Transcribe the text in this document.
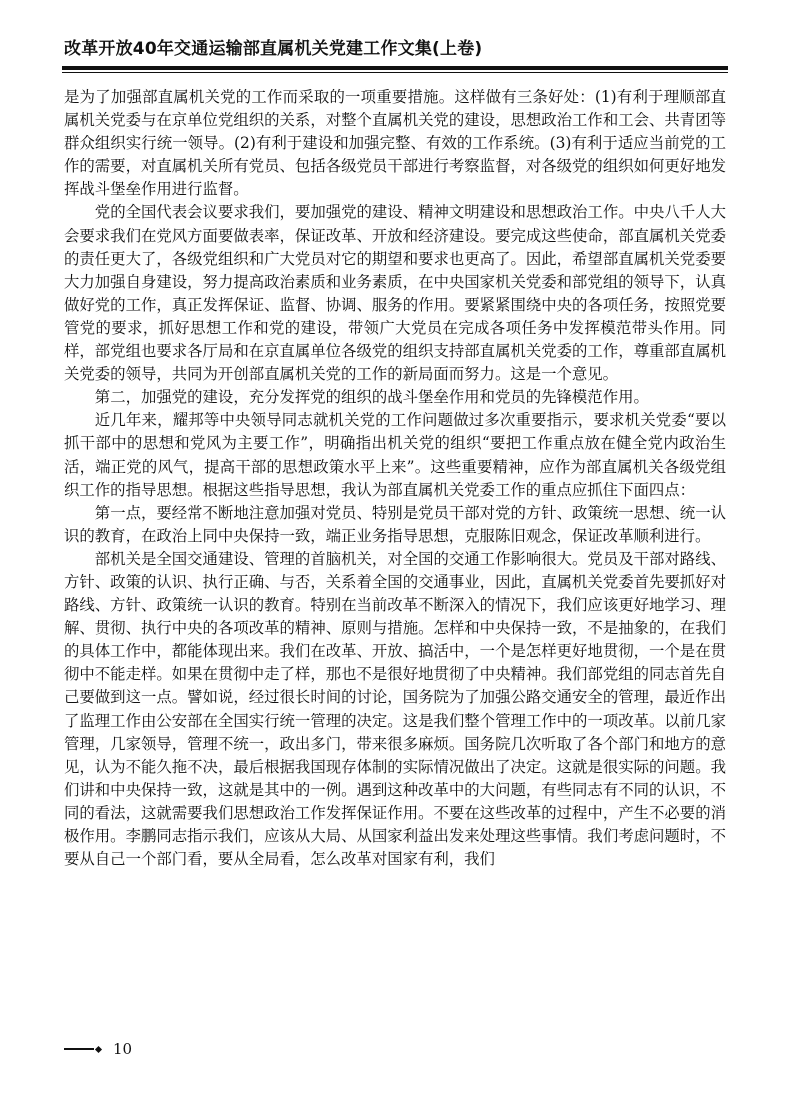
改革开放40年交通运输部直属机关党建工作文集(上卷)

是为了加强部直属机关党的工作而采取的一项重要措施。这样做有三条好处：(1)有利于理顺部直属机关党委与在京单位党组织的关系，对整个直属机关党的建设，思想政治工作和工会、共青团等群众组织实行统一领导。(2)有利于建设和加强完整、有效的工作系统。(3)有利于适应当前党的工作的需要，对直属机关所有党员、包括各级党员干部进行考察监督，对各级党的组织如何更好地发挥战斗堡垒作用进行监督。

党的全国代表会议要求我们，要加强党的建设、精神文明建设和思想政治工作。中央八千人大会要求我们在党风方面要做表率，保证改革、开放和经济建设。要完成这些使命，部直属机关党委的责任更大了，各级党组织和广大党员对它的期望和要求也更高了。因此，希望部直属机关党委要大力加强自身建设，努力提高政治素质和业务素质，在中央国家机关党委和部党组的领导下，认真做好党的工作，真正发挥保证、监督、协调、服务的作用。要紧紧围绕中央的各项任务，按照党要管党的要求，抓好思想工作和党的建设，带领广大党员在完成各项任务中发挥模范带头作用。同样，部党组也要求各厅局和在京直属单位各级党的组织支持部直属机关党委的工作，尊重部直属机关党委的领导，共同为开创部直属机关党的工作的新局面而努力。这是一个意见。

第二，加强党的建设，充分发挥党的组织的战斗堡垒作用和党员的先锋模范作用。

近几年来，耀邦等中央领导同志就机关党的工作问题做过多次重要指示，要求机关党委“要以抓干部中的思想和党风为主要工作”，明确指出机关党的组织“要把工作重点放在健全党内政治生活，端正党的风气，提高干部的思想政策水平上来”。这些重要精神，应作为部直属机关各级党组织工作的指导思想。根据这些指导思想，我认为部直属机关党委工作的重点应抓住下面四点：

第一点，要经常不断地注意加强对党员、特别是党员干部对党的方针、政策统一思想、统一认识的教育，在政治上同中央保持一致，端正业务指导思想，克服陈旧观念，保证改革顺利进行。

部机关是全国交通建设、管理的首脑机关，对全国的交通工作影响很大。党员及干部对路线、方针、政策的认识、执行正确、与否，关系着全国的交通事业，因此，直属机关党委首先要抓好对路线、方针、政策统一认识的教育。特别在当前改革不断深入的情况下，我们应该更好地学习、理解、贯彻、执行中央的各项改革的精神、原则与措施。怎样和中央保持一致，不是抽象的，在我们的具体工作中，都能体现出来。我们在改革、开放、搞活中，一个是怎样更好地贯彻，一个是在贯彻中不能走样。如果在贯彻中走了样，那也不是很好地贯彻了中央精神。我们部党组的同志首先自己要做到这一点。譬如说，经过很长时间的讨论，国务院为了加强公路交通安全的管理，最近作出了监理工作由公安部在全国实行统一管理的决定。这是我们整个管理工作中的一项改革。以前几家管理，几家领导，管理不统一，政出多门，带来很多麻烦。国务院几次听取了各个部门和地方的意见，认为不能久拖不决，最后根据我国现存体制的实际情况做出了决定。这就是很实际的问题。我们讲和中央保持一致，这就是其中的一例。遇到这种改革中的大问题，有些同志有不同的认识，不同的看法，这就需要我们思想政治工作发挥保证作用。不要在这些改革的过程中，产生不必要的消极作用。李鹏同志指示我们，应该从大局、从国家利益出发来处理这些事情。我们考虑问题时，不要从自己一个部门看，要从全局看，怎么改革对国家有利，我们

10
